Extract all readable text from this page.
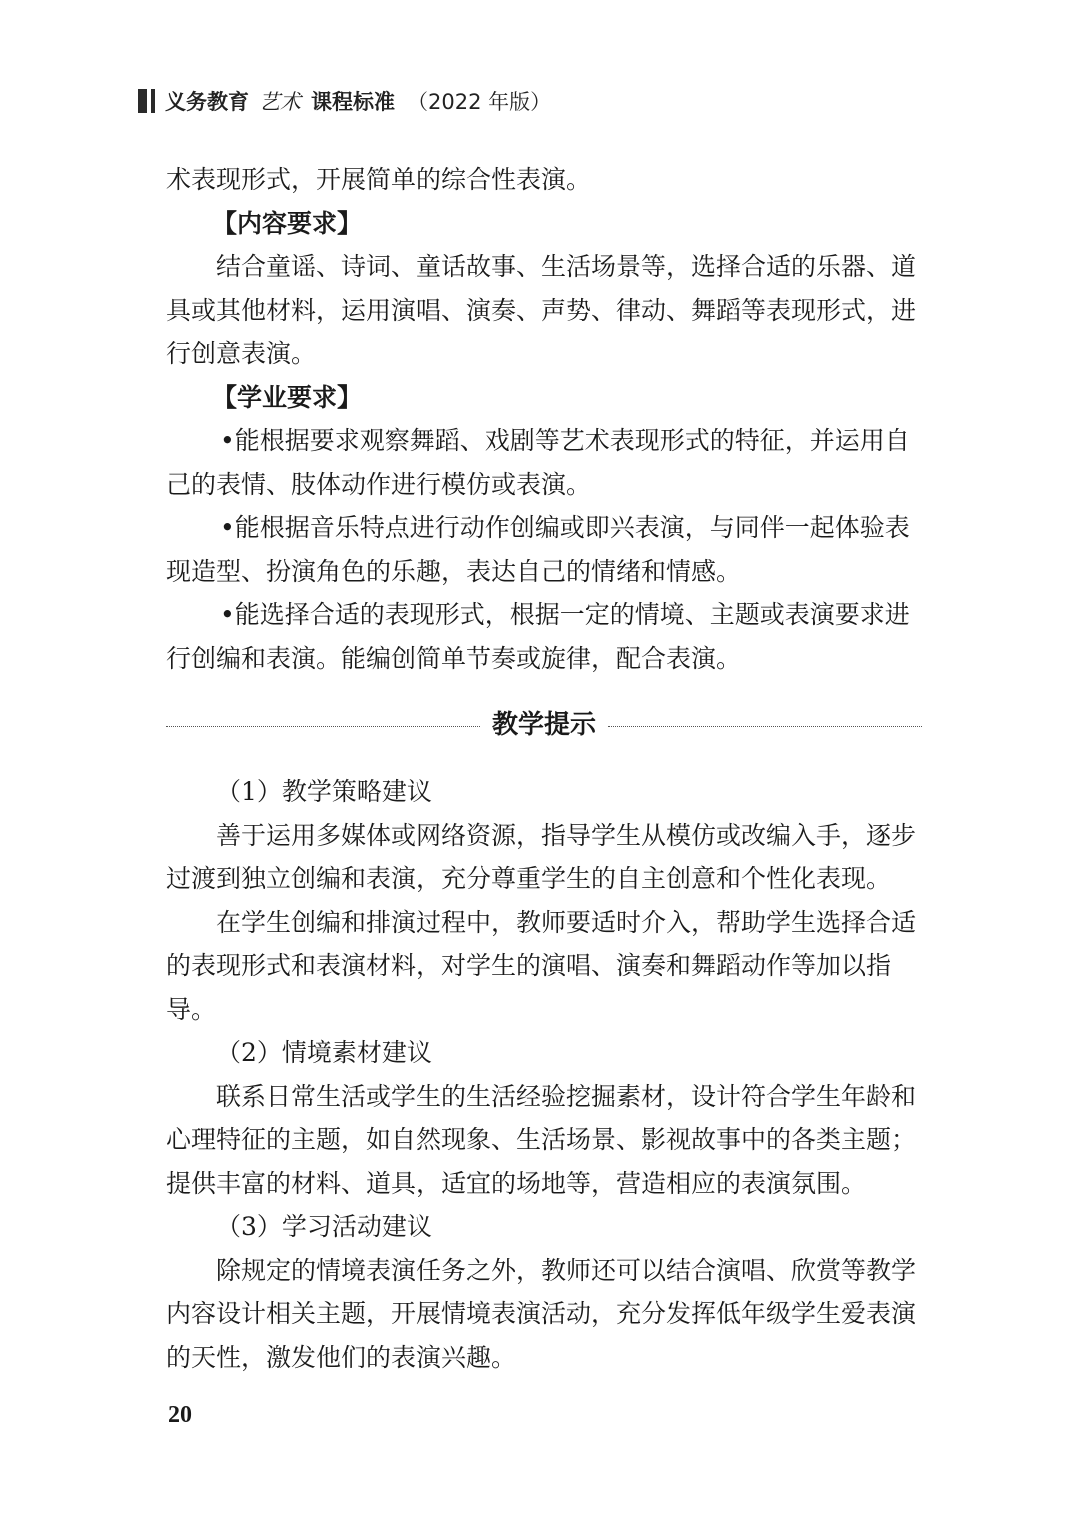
义务教育 艺术 课程标准 （2022 年版）

术表现形式，开展简单的综合性表演。

【内容要求】

结合童谣、诗词、童话故事、生活场景等，选择合适的乐器、道具或其他材料，运用演唱、演奏、声势、律动、舞蹈等表现形式，进行创意表演。

【学业要求】

•能根据要求观察舞蹈、戏剧等艺术表现形式的特征，并运用自己的表情、肢体动作进行模仿或表演。

•能根据音乐特点进行动作创编或即兴表演，与同伴一起体验表现造型、扮演角色的乐趣，表达自己的情绪和情感。

•能选择合适的表现形式，根据一定的情境、主题或表演要求进行创编和表演。能编创简单节奏或旋律，配合表演。

教学提示

（1）教学策略建议

善于运用多媒体或网络资源，指导学生从模仿或改编入手，逐步过渡到独立创编和表演，充分尊重学生的自主创意和个性化表现。

在学生创编和排演过程中，教师要适时介入，帮助学生选择合适的表现形式和表演材料，对学生的演唱、演奏和舞蹈动作等加以指导。

（2）情境素材建议

联系日常生活或学生的生活经验挖掘素材，设计符合学生年龄和心理特征的主题，如自然现象、生活场景、影视故事中的各类主题；提供丰富的材料、道具，适宜的场地等，营造相应的表演氛围。

（3）学习活动建议

除规定的情境表演任务之外，教师还可以结合演唱、欣赏等教学内容设计相关主题，开展情境表演活动，充分发挥低年级学生爱表演的天性，激发他们的表演兴趣。

20
